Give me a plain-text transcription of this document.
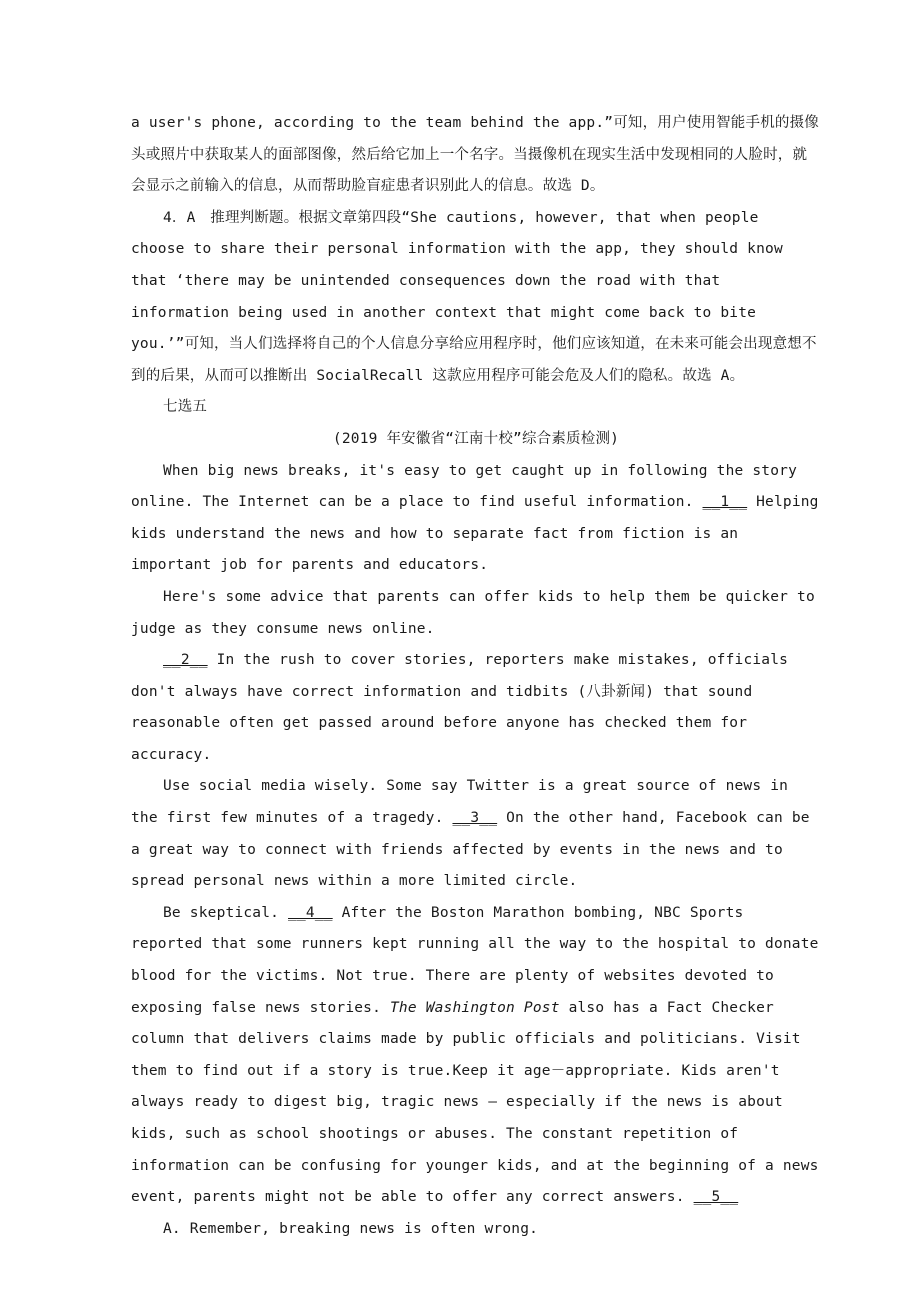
a user's phone, according to the team behind the app.”可知，用户使用智能手机的摄像头或照片中获取某人的面部图像，然后给它加上一个名字。当摄像机在现实生活中发现相同的人脸时，就会显示之前输入的信息，从而帮助脸盲症患者识别此人的信息。故选 D。

4．A　推理判断题。根据文章第四段“She cautions, however, that when people choose to share their personal information with the app, they should know that ‘there may be unintended consequences down the road with that information being used in another context that might come back to bite you.’”可知，当人们选择将自己的个人信息分享给应用程序时，他们应该知道，在未来可能会出现意想不到的后果，从而可以推断出 SocialRecall 这款应用程序可能会危及人们的隐私。故选 A。

七选五

(2019 年安徽省“江南十校”综合素质检测)

When big news breaks, it's easy to get caught up in following the story online. The Internet can be a place to find useful information. __1__ Helping kids understand the news and how to separate fact from fiction is an important job for parents and educators.

Here's some advice that parents can offer kids to help them be quicker to judge as they consume news online.

__2__ In the rush to cover stories, reporters make mistakes, officials don't always have correct information and tidbits (八卦新闻) that sound reasonable often get passed around before anyone has checked them for accuracy.

Use social media wisely. Some say Twitter is a great source of news in the first few minutes of a tragedy. __3__ On the other hand, Facebook can be a great way to connect with friends affected by events in the news and to spread personal news within a more limited circle.

Be skeptical. __4__ After the Boston Marathon bombing, NBC Sports reported that some runners kept running all the way to the hospital to donate blood for the victims. Not true. There are plenty of websites devoted to exposing false news stories. The Washington Post also has a Fact Checker column that delivers claims made by public officials and politicians. Visit them to find out if a story is true.Keep it age－appropriate. Kids aren't always ready to digest big, tragic news — especially if the news is about kids, such as school shootings or abuses. The constant repetition of information can be confusing for younger kids, and at the beginning of a news event, parents might not be able to offer any correct answers. __5__

A. Remember, breaking news is often wrong.
